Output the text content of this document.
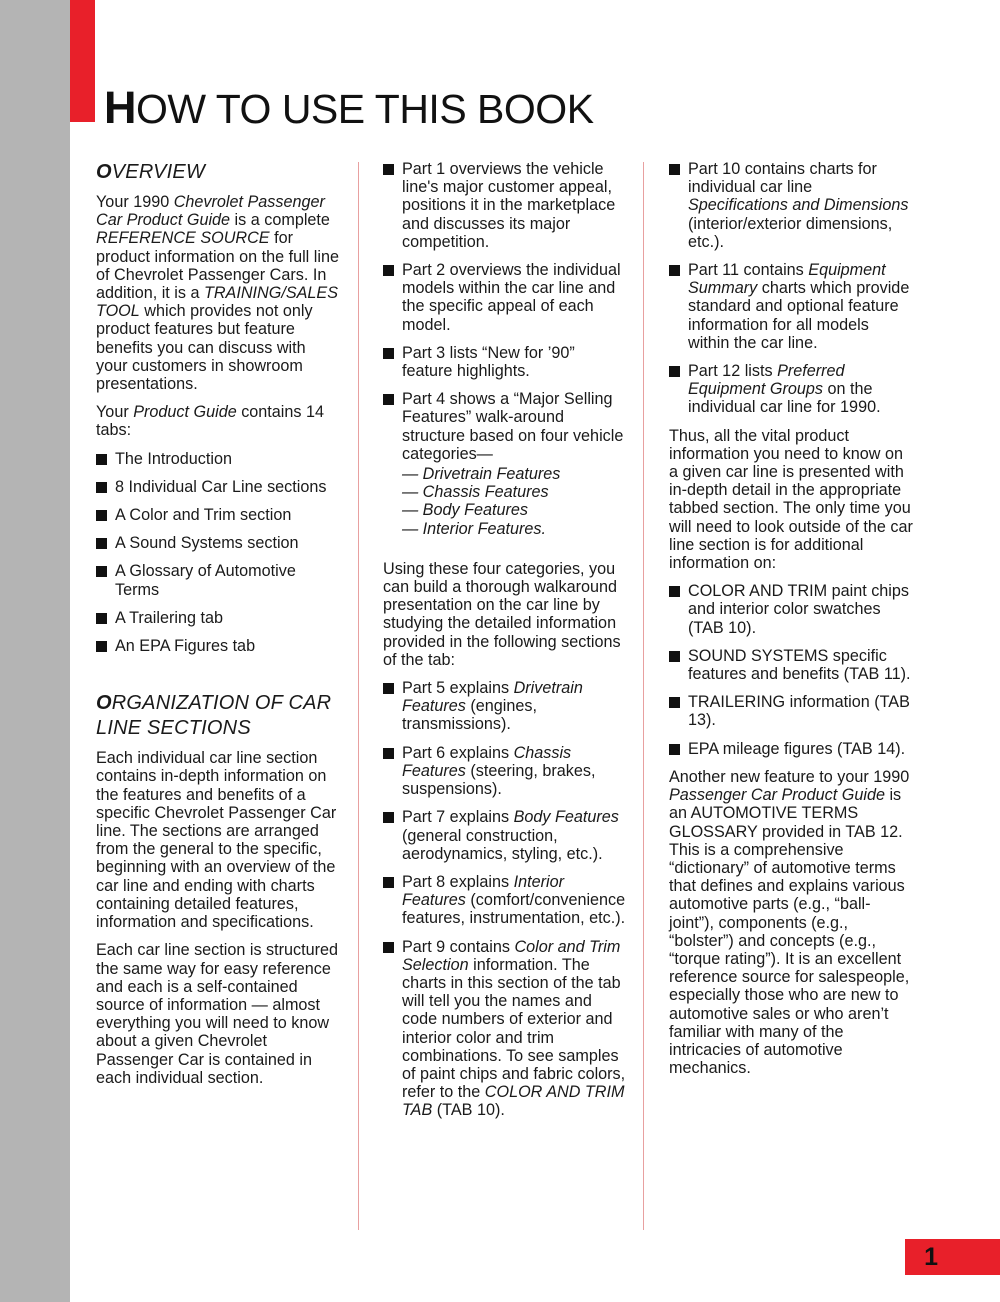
HOW TO USE THIS BOOK
OVERVIEW

Your 1990 Chevrolet Passenger Car Product Guide is a complete REFERENCE SOURCE for product information on the full line of Chevrolet Passenger Cars. In addition, it is a TRAINING/SALES TOOL which provides not only product features but feature benefits you can discuss with your customers in showroom presentations.

Your Product Guide contains 14 tabs:

The Introduction
8 Individual Car Line sections
A Color and Trim section
A Sound Systems section
A Glossary of Automotive Terms
A Trailering tab
An EPA Figures tab
ORGANIZATION OF CAR LINE SECTIONS

Each individual car line section contains in-depth information on the features and benefits of a specific Chevrolet Passenger Car line. The sections are arranged from the general to the specific, beginning with an overview of the car line and ending with charts containing detailed features, information and specifications.

Each car line section is structured the same way for easy reference and each is a self-contained source of information — almost everything you will need to know about a given Chevrolet Passenger Car is contained in each individual section.

Part 1 overviews the vehicle line's major customer appeal, positions it in the marketplace and discusses its major competition.
Part 2 overviews the individual models within the car line and the specific appeal of each model.
Part 3 lists “New for ’90” feature highlights.
Part 4 shows a “Major Selling Features” walk-around structure based on four vehicle categories—
— Drivetrain Features
— Chassis Features
— Body Features
— Interior Features.

Using these four categories, you can build a thorough walkaround presentation on the car line by studying the detailed information provided in the following sections of the tab:

Part 5 explains Drivetrain Features (engines, transmissions).
Part 6 explains Chassis Features (steering, brakes, suspensions).
Part 7 explains Body Features (general construction, aerodynamics, styling, etc.).
Part 8 explains Interior Features (comfort/convenience features, instrumentation, etc.).
Part 9 contains Color and Trim Selection information. The charts in this section of the tab will tell you the names and code numbers of exterior and interior color and trim combinations. To see samples of paint chips and fabric colors, refer to the COLOR AND TRIM TAB (TAB 10).
Part 10 contains charts for individual car line Specifications and Dimensions (interior/exterior dimensions, etc.).
Part 11 contains Equipment Summary charts which provide standard and optional feature information for all models within the car line.
Part 12 lists Preferred Equipment Groups on the individual car line for 1990.

Thus, all the vital product information you need to know on a given car line is presented with in-depth detail in the appropriate tabbed section. The only time you will need to look outside of the car line section is for additional information on:

COLOR AND TRIM paint chips and interior color swatches (TAB 10).
SOUND SYSTEMS specific features and benefits (TAB 11).
TRAILERING information (TAB 13).
EPA mileage figures (TAB 14).

Another new feature to your 1990 Passenger Car Product Guide is an AUTOMOTIVE TERMS GLOSSARY provided in TAB 12. This is a comprehensive “dictionary” of automotive terms that defines and explains various automotive parts (e.g., “ball-joint”), components (e.g., “bolster”) and concepts (e.g., “torque rating”). It is an excellent reference source for salespeople, especially those who are new to automotive sales or who aren’t familiar with many of the intricacies of automotive mechanics.

1
